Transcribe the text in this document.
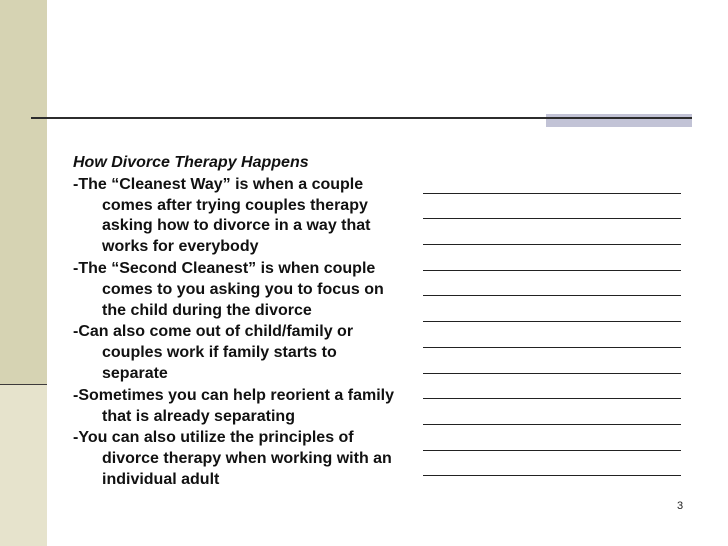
How Divorce Therapy Happens
-The “Cleanest Way” is when a couple comes after trying couples therapy asking how to divorce in a way that works for everybody
-The “Second Cleanest” is when couple comes to you asking you to focus on the child during the divorce
-Can also come out of child/family or couples work if family starts to separate
-Sometimes you can help reorient a family that is already separating
-You can also utilize the principles of divorce therapy when working with an individual adult
3
